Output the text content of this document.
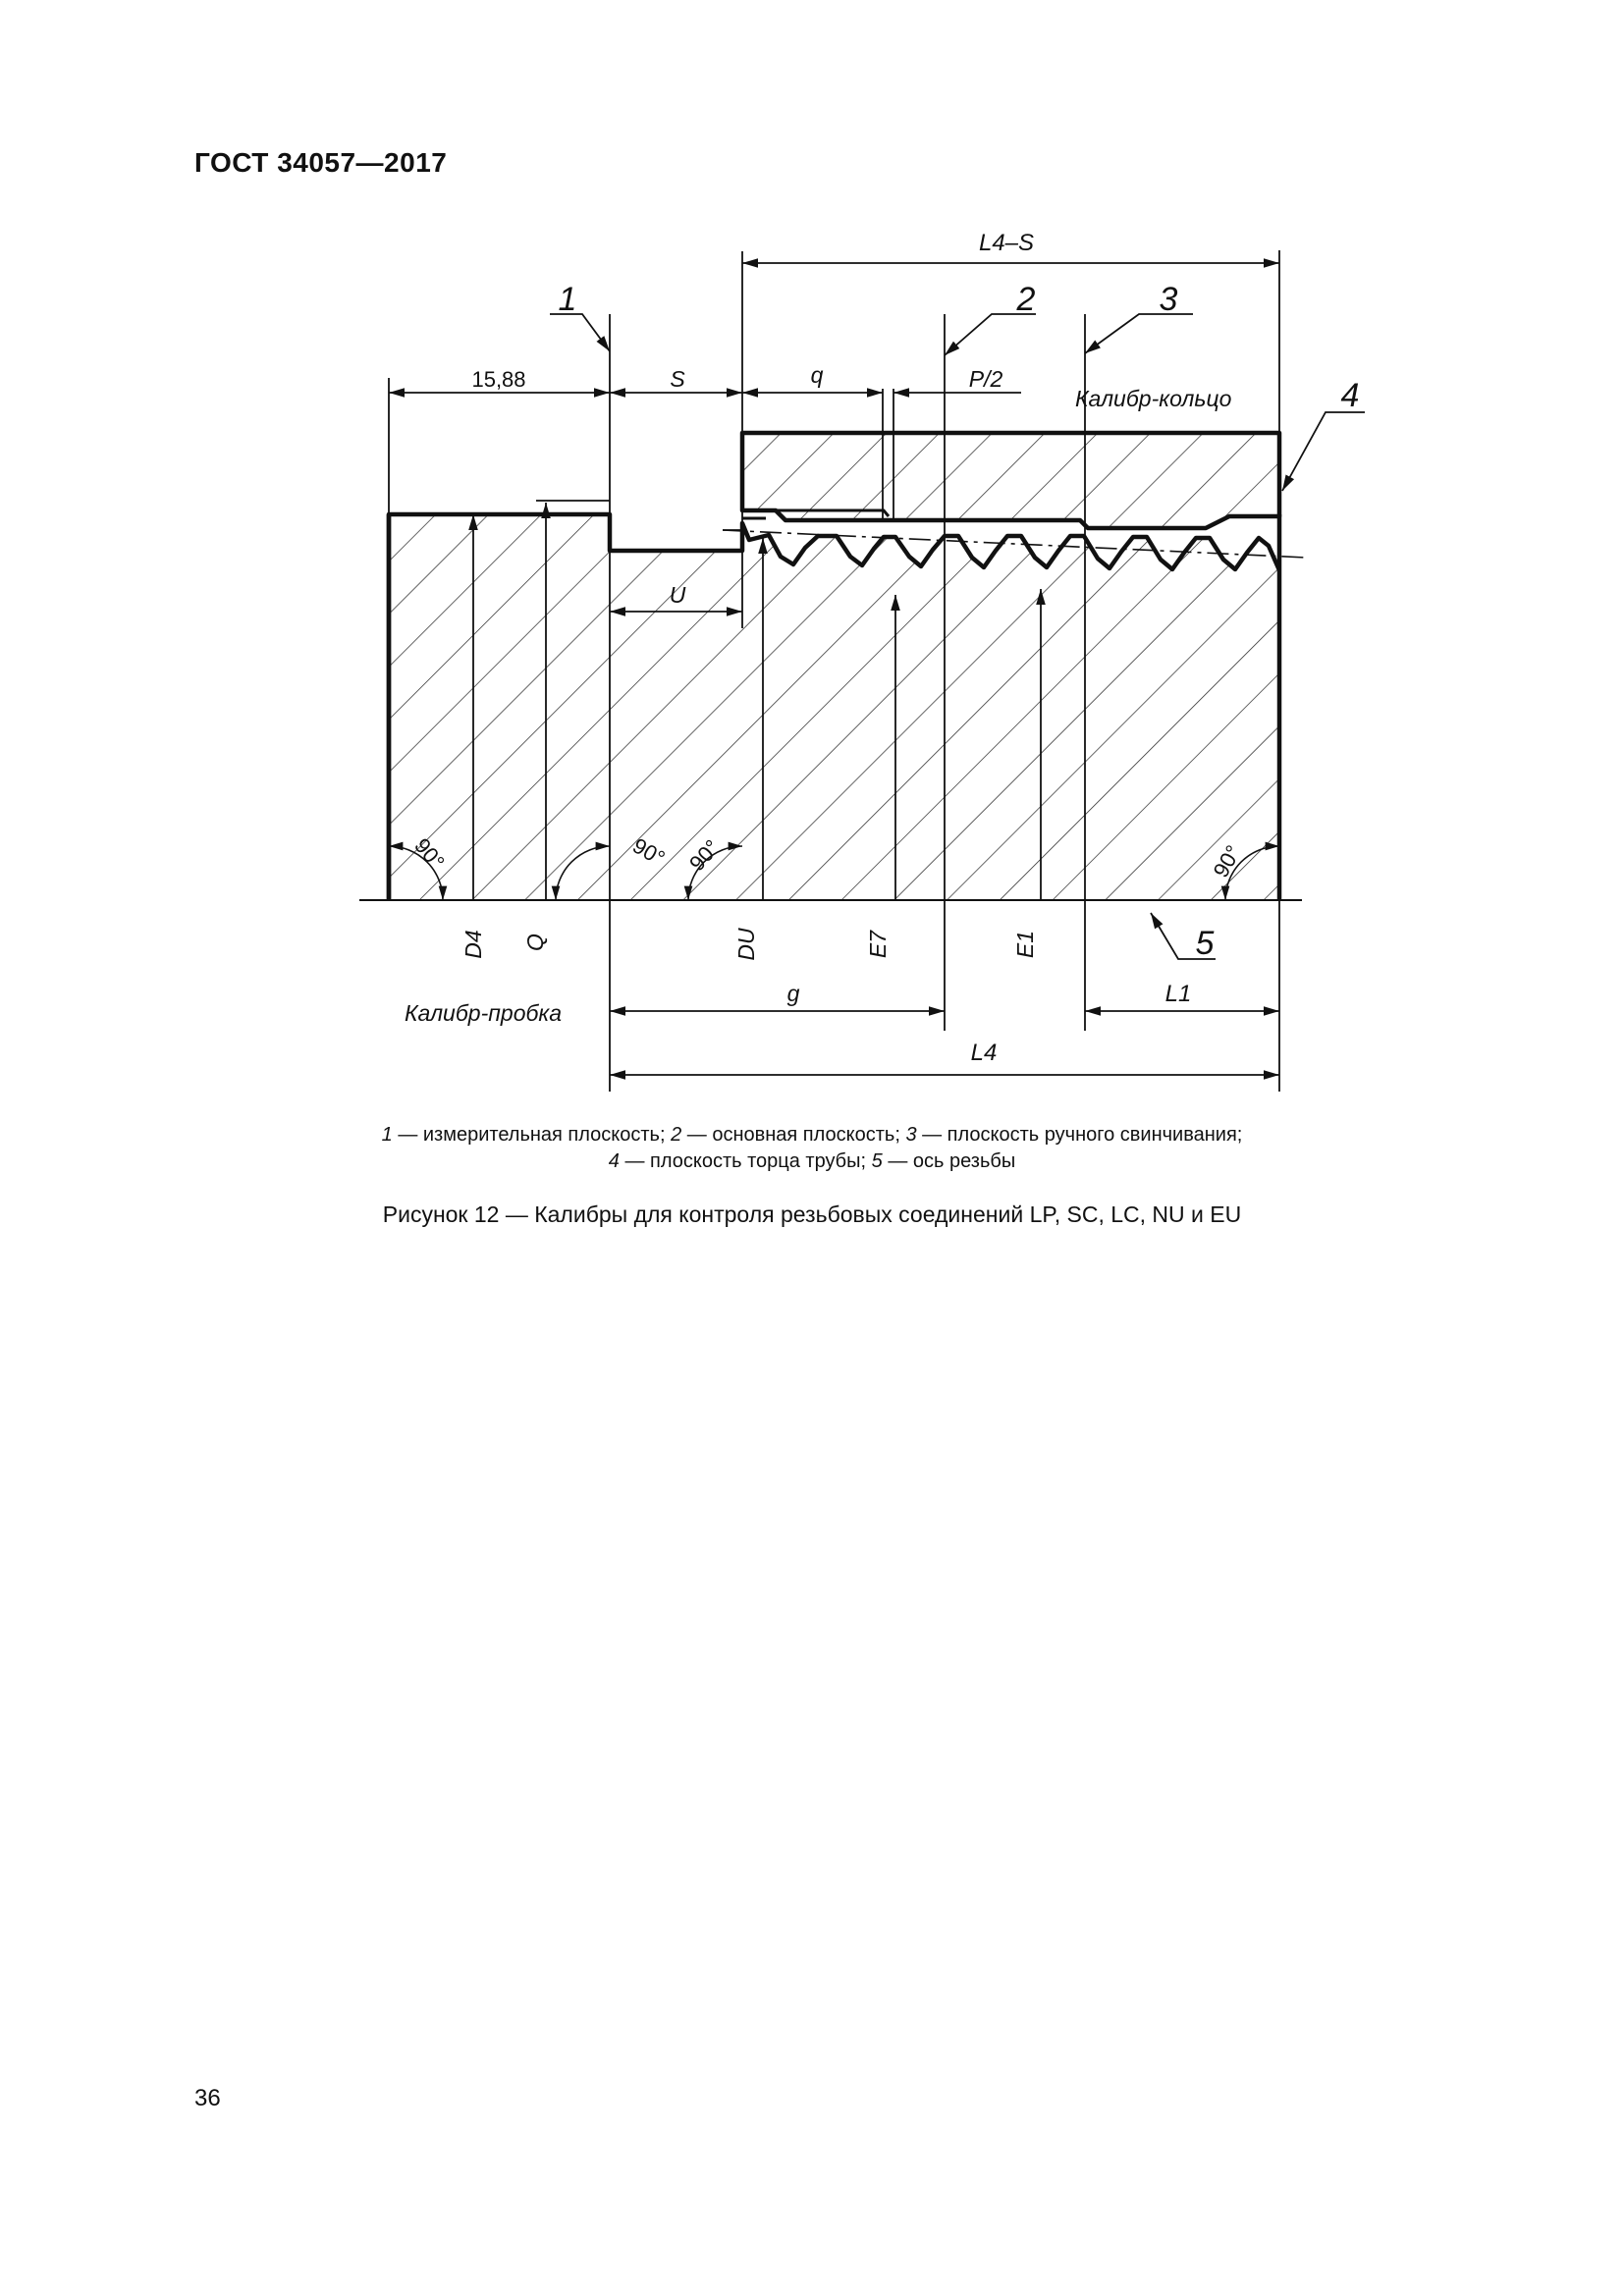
ГОСТ 34057—2017
L4–S
15,88	S	q	P/2
U
g	L1
L4
Калибр-кольцо
Калибр-пробка
90°	90° 90°	90°
1	2	3
4
5
D4 Q	DU	E7	E1
1 — измерительная плоскость; 2 — основная плоскость; 3 — плоскость ручного свинчивания;
4 — плоскость торца трубы; 5 — ось резьбы
Рисунок 12 — Калибры для контроля резьбовых соединений LP, SC, LC, NU и EU
36
